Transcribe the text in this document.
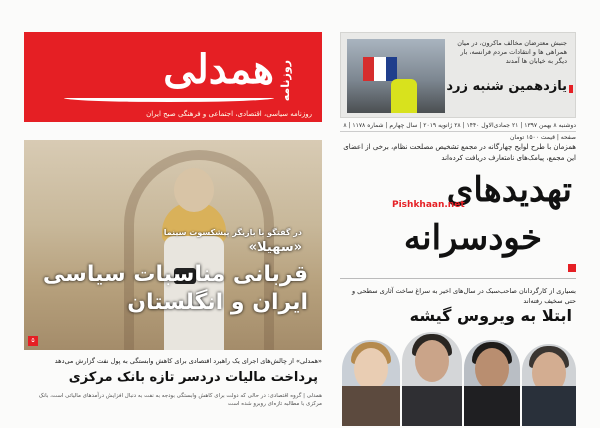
روزنامه
همدلی
روزنامه سیاسی، اقتصادی، اجتماعی و فرهنگی صبح ایران
جنبش معترضان مخالف ماکرون، در میان همراهی ها و انتقادات مردم فرانسه، بار دیگر به خیابان ها آمدند
یازدهمین شنبه زرد
دوشنبه ۸ بهمن ۱۳۹۷ | ۲۱ جمادی‌الاول ۱۴۴۰ | ۲۸ ژانویه ۲۰۱۹ | سال چهارم | شماره ۱۱۷۸ | ۸ صفحه | قیمت ۱۵۰۰ تومان
در گفتگو با بازیگر پیشکسوت سینما
«سهیلا»
قربانی مناسبات سیاسی
ایران و انگلستان
۵
همزمان با طرح لوایح چهارگانه در مجمع تشخیص مصلحت نظام، برخی از اعضای این مجمع، پیامک‌های نامتعارف دریافت کرده‌اند
تهدیدهای
Pishkhaan.net
خودسرانه
بسیاری از کارگردانان صاحب‌سبک در سال‌های اخیر به سراغ ساخت آثاری سطحی و حتی سخیف رفته‌اند
ابتلا به ویروس گیشه
«همدلی» از چالش‌های اجرای یک راهبرد اقتصادی برای کاهش وابستگی به پول نفت گزارش می‌دهد
پرداخت مالیات دردسر تازه بانک مرکزی
همدلی | گروه اقتصادی: در حالی که دولت برای کاهش وابستگی بودجه به نفت به دنبال افزایش درآمدهای مالیاتی است، بانک مرکزی با مطالبه تازه‌ای روبرو شده است
